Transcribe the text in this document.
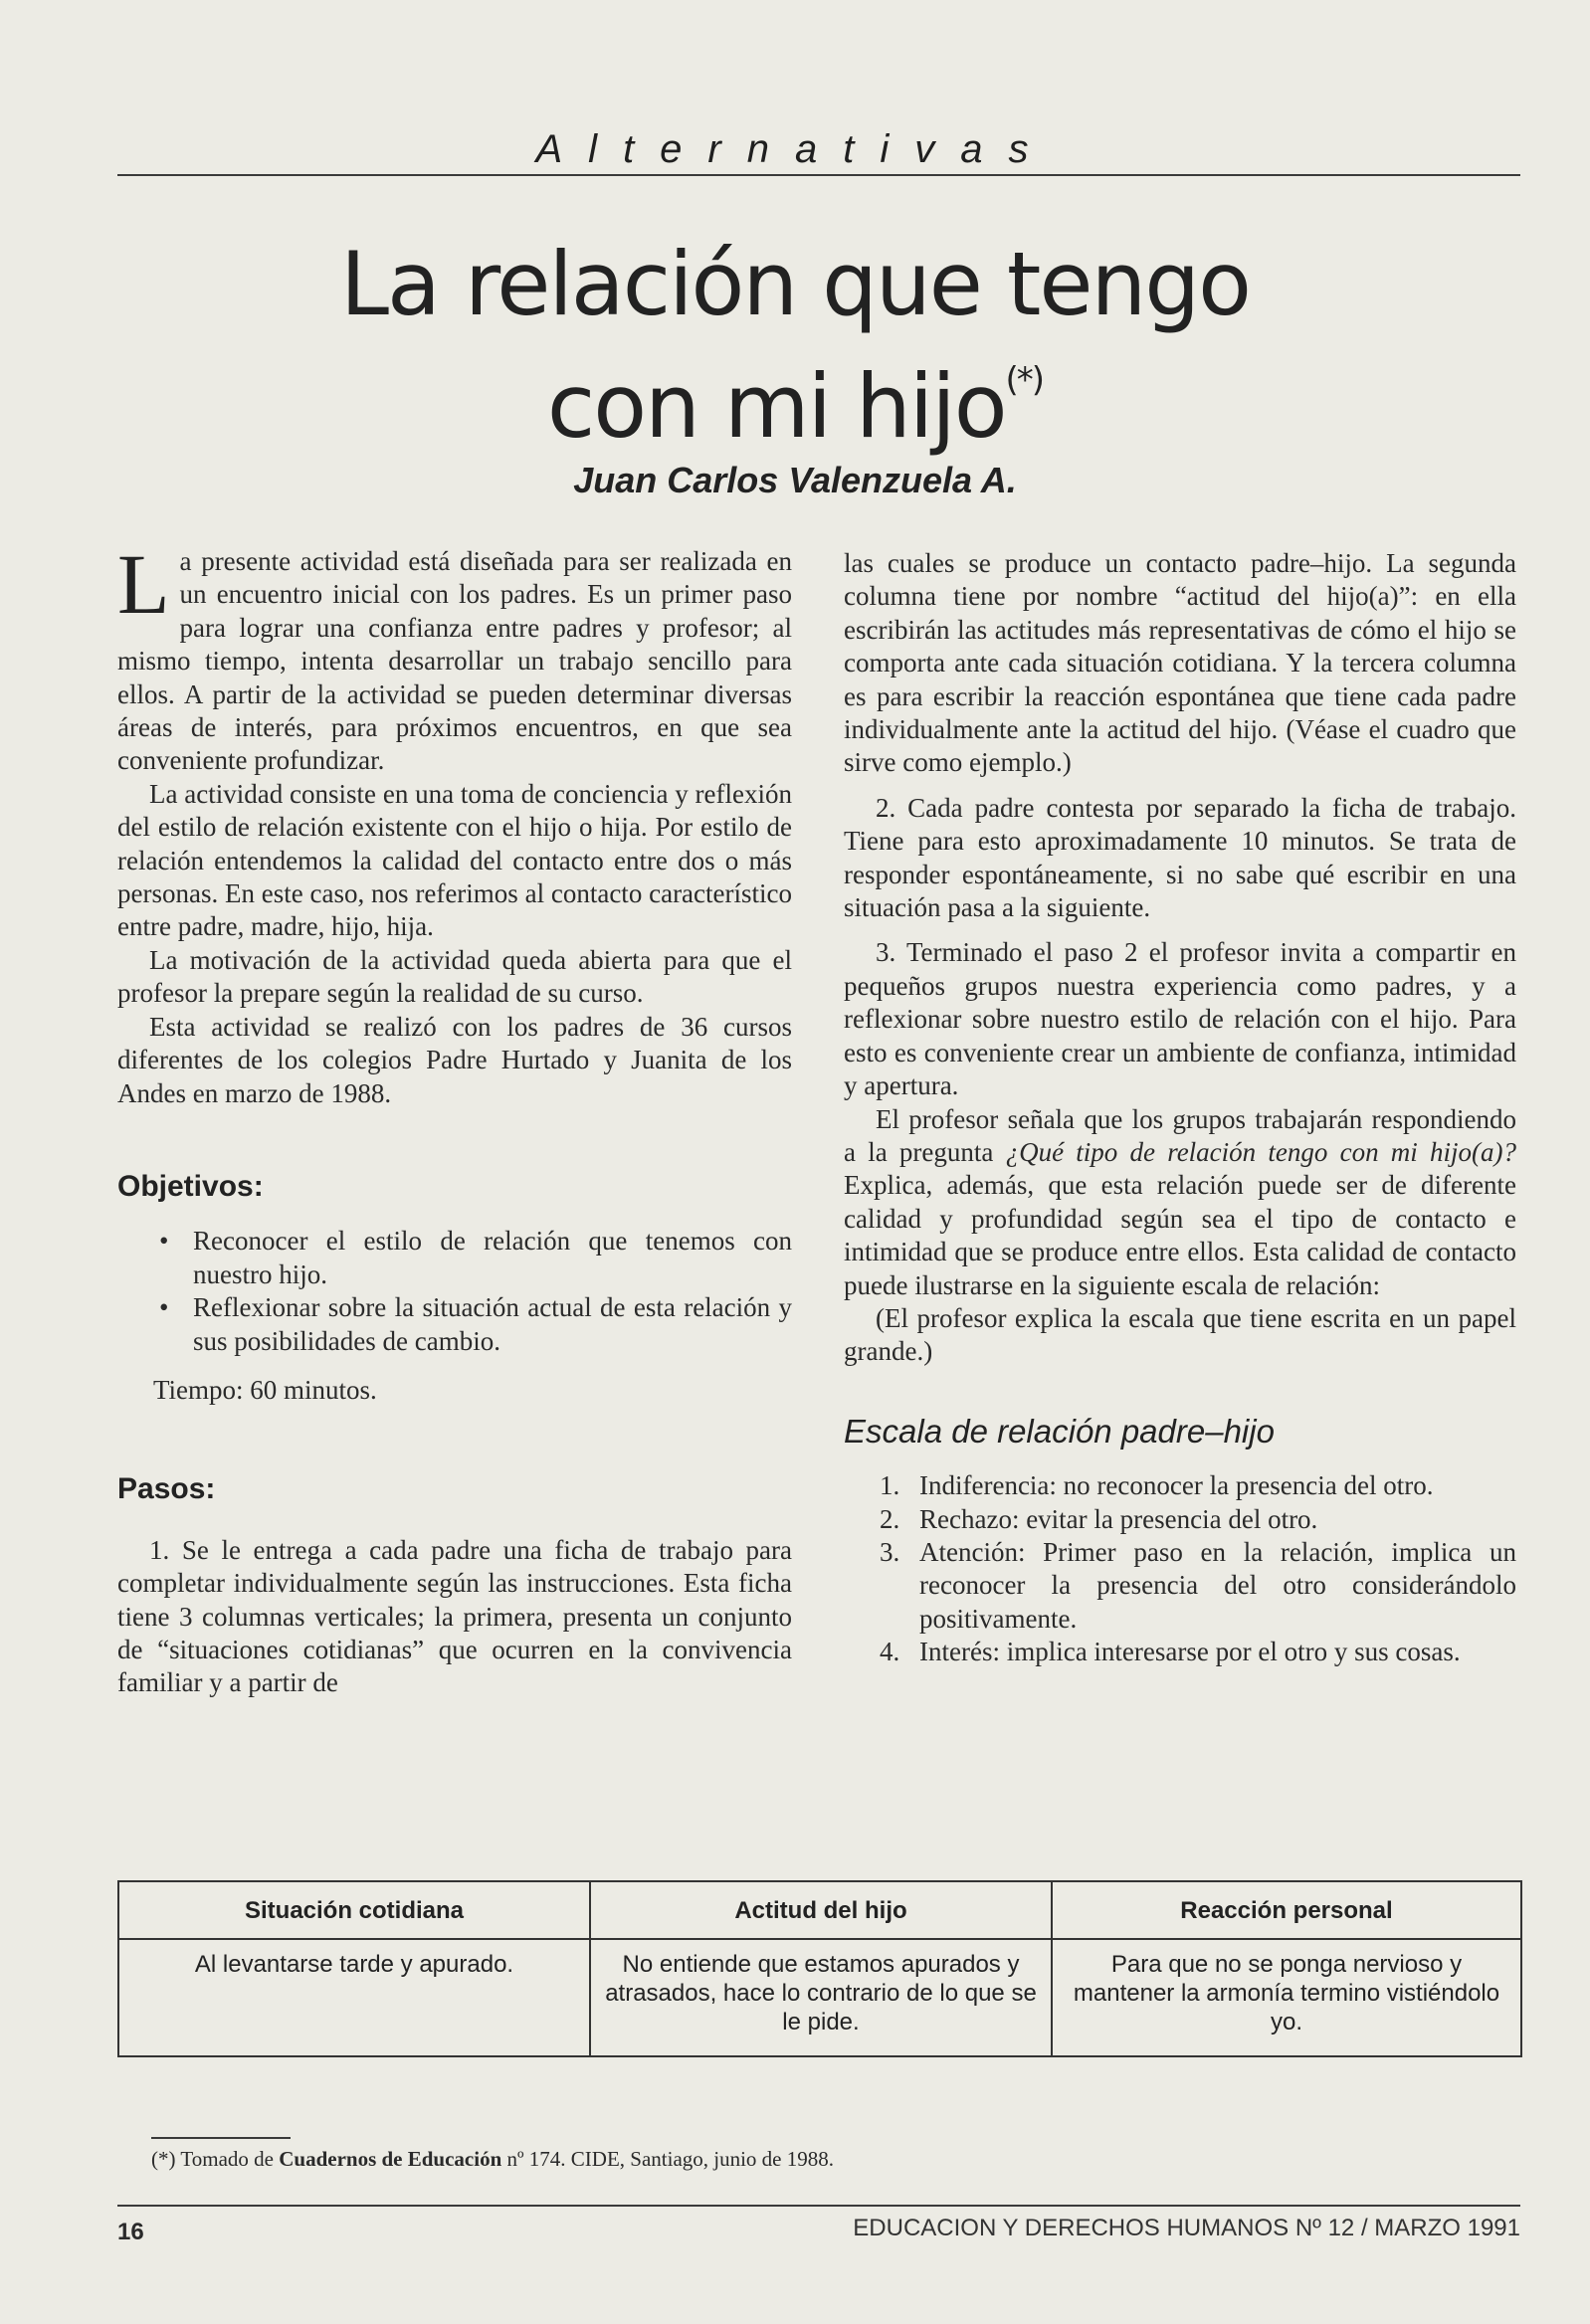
Alternativas
La relación que tengo
con mi hijo(*)
Juan Carlos Valenzuela A.

La presente actividad está diseñada para ser realizada en un encuentro inicial con los padres. Es un primer paso para lograr una confianza entre padres y profesor; al mismo tiempo, intenta desarrollar un trabajo sencillo para ellos. A partir de la actividad se pueden determinar diversas áreas de interés, para próximos encuentros, en que sea conveniente profundizar.

La actividad consiste en una toma de conciencia y reflexión del estilo de relación existente con el hijo o hija. Por estilo de relación entendemos la calidad del contacto entre dos o más personas. En este caso, nos referimos al contacto característico entre padre, madre, hijo, hija.

La motivación de la actividad queda abierta para que el profesor la prepare según la realidad de su curso.

Esta actividad se realizó con los padres de 36 cursos diferentes de los colegios Padre Hurtado y Juanita de los Andes en marzo de 1988.

Objetivos:
• Reconocer el estilo de relación que tenemos con nuestro hijo.
• Reflexionar sobre la situación actual de esta relación y sus posibilidades de cambio.

Tiempo: 60 minutos.

Pasos:

1. Se le entrega a cada padre una ficha de trabajo para completar individualmente según las instrucciones. Esta ficha tiene 3 columnas verticales; la primera, presenta un conjunto de “situaciones cotidianas” que ocurren en la convivencia familiar y a partir de

las cuales se produce un contacto padre–hijo. La segunda columna tiene por nombre “actitud del hijo(a)”: en ella escribirán las actitudes más representativas de cómo el hijo se comporta ante cada situación cotidiana. Y la tercera columna es para escribir la reacción espontánea que tiene cada padre individualmente ante la actitud del hijo. (Véase el cuadro que sirve como ejemplo.)

2. Cada padre contesta por separado la ficha de trabajo. Tiene para esto aproximadamente 10 minutos. Se trata de responder espontáneamente, si no sabe qué escribir en una situación pasa a la siguiente.

3. Terminado el paso 2 el profesor invita a compartir en pequeños grupos nuestra experiencia como padres, y a reflexionar sobre nuestro estilo de relación con el hijo. Para esto es conveniente crear un ambiente de confianza, intimidad y apertura.

El profesor señala que los grupos trabajarán respondiendo a la pregunta ¿Qué tipo de relación tengo con mi hijo(a)? Explica, además, que esta relación puede ser de diferente calidad y profundidad según sea el tipo de contacto e intimidad que se produce entre ellos. Esta calidad de contacto puede ilustrarse en la siguiente escala de relación:

(El profesor explica la escala que tiene escrita en un papel grande.)

Escala de relación padre–hijo
1. Indiferencia: no reconocer la presencia del otro.
2. Rechazo: evitar la presencia del otro.
3. Atención: Primer paso en la relación, implica un reconocer la presencia del otro considerándolo positivamente.
4. Interés: implica interesarse por el otro y sus cosas.
Situación cotidiana	Actitud del hijo	Reacción personal
Al levantarse tarde y apurado.	No entiende que estamos apurados y atrasados, hace lo contrario de lo que se le pide.	Para que no se ponga nervioso y mantener la armonía termino vistiéndolo yo.
(*) Tomado de Cuadernos de Educación nº 174. CIDE, Santiago, junio de 1988.
16	EDUCACION Y DERECHOS HUMANOS Nº 12 / MARZO 1991
